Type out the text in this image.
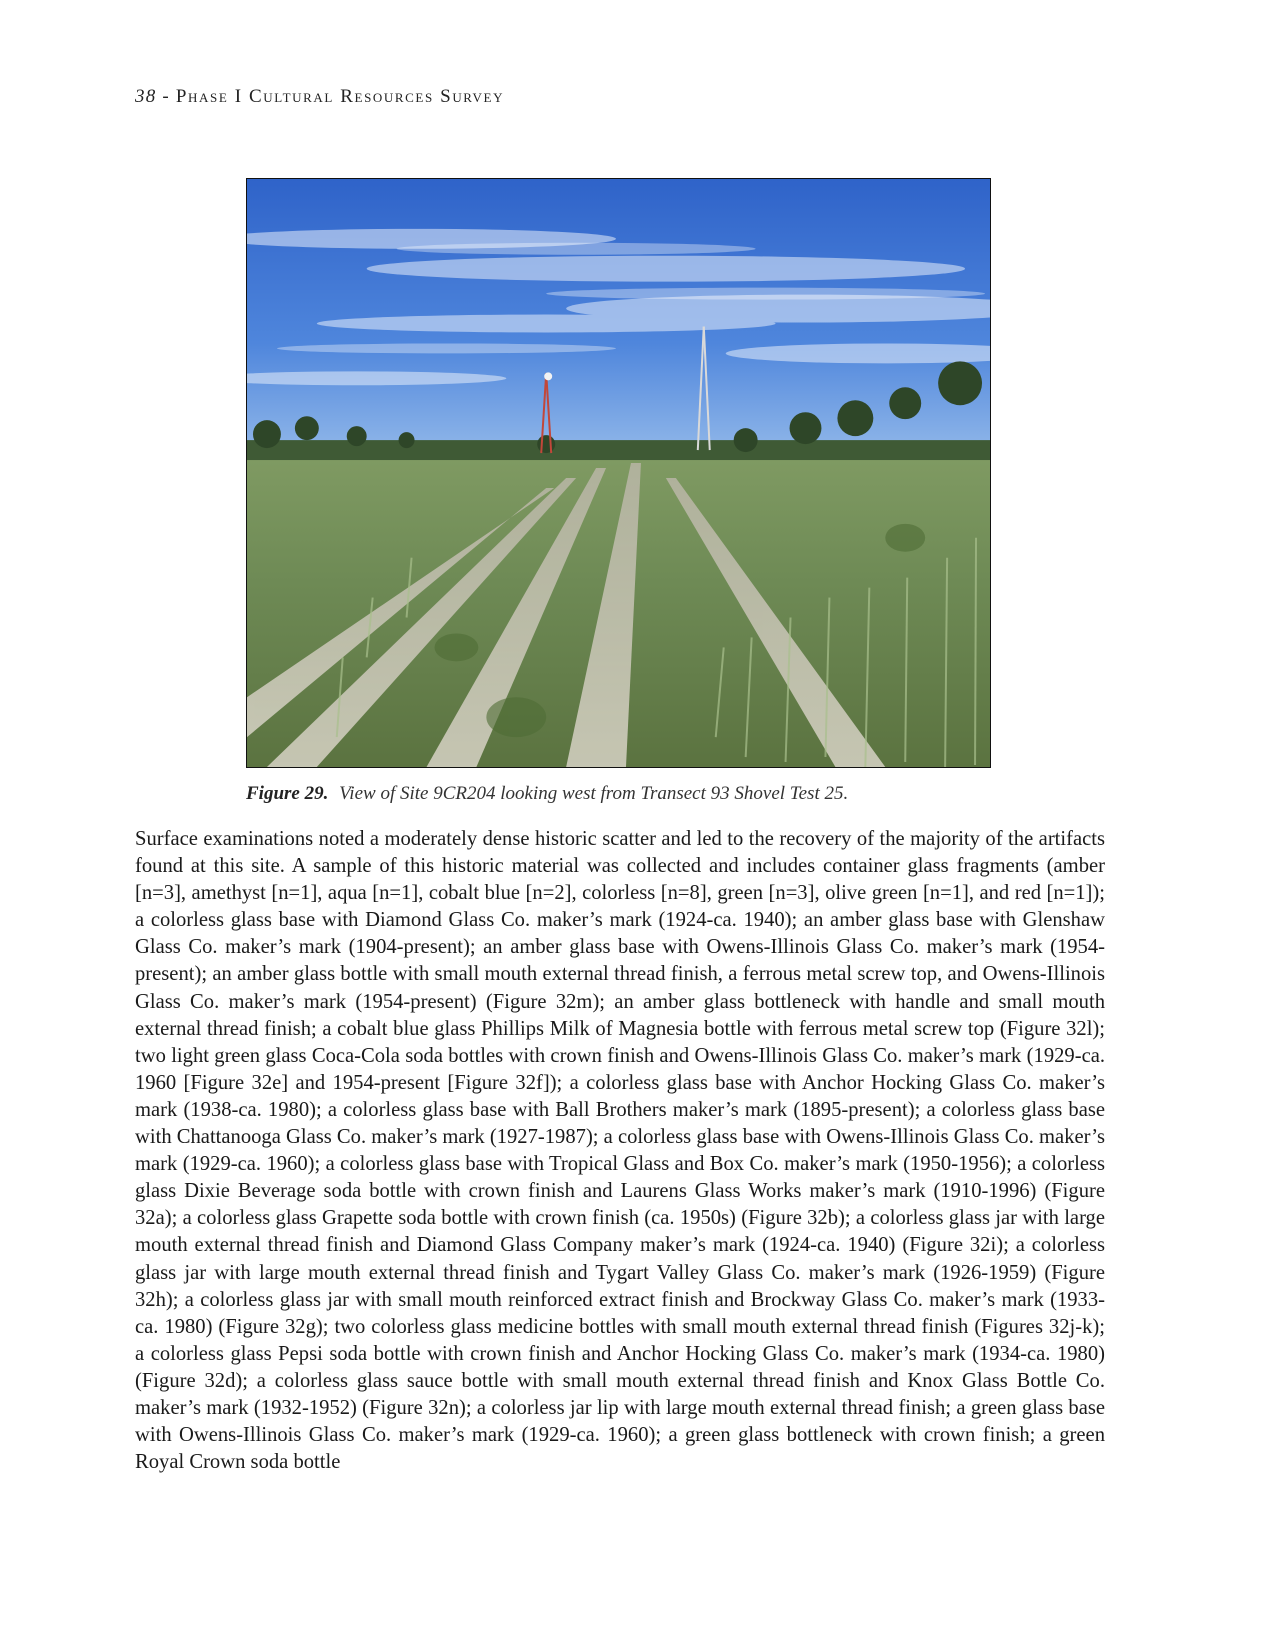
38 - Phase I Cultural Resources Survey
Figure 29. View of Site 9CR204 looking west from Transect 93 Shovel Test 25.

Surface examinations noted a moderately dense historic scatter and led to the recovery of the majority of the artifacts found at this site. A sample of this historic material was collected and includes container glass fragments (amber [n=3], amethyst [n=1], aqua [n=1], cobalt blue [n=2], colorless [n=8], green [n=3], olive green [n=1], and red [n=1]); a colorless glass base with Diamond Glass Co. maker’s mark (1924-ca. 1940); an amber glass base with Glenshaw Glass Co. maker’s mark (1904-present); an amber glass base with Owens-Illinois Glass Co. maker’s mark (1954-present); an amber glass bottle with small mouth external thread finish, a ferrous metal screw top, and Owens-Illinois Glass Co. maker’s mark (1954-present) (Figure 32m); an amber glass bottleneck with handle and small mouth external thread finish; a cobalt blue glass Phillips Milk of Magnesia bottle with ferrous metal screw top (Figure 32l); two light green glass Coca-Cola soda bottles with crown finish and Owens-Illinois Glass Co. maker’s mark (1929-ca. 1960 [Figure 32e] and 1954-present [Figure 32f]); a colorless glass base with Anchor Hocking Glass Co. maker’s mark (1938-ca. 1980); a colorless glass base with Ball Brothers maker’s mark (1895-present); a colorless glass base with Chattanooga Glass Co. maker’s mark (1927-1987); a colorless glass base with Owens-Illinois Glass Co. maker’s mark (1929-ca. 1960); a colorless glass base with Tropical Glass and Box Co. maker’s mark (1950-1956); a colorless glass Dixie Beverage soda bottle with crown finish and Laurens Glass Works maker’s mark (1910-1996) (Figure 32a); a colorless glass Grapette soda bottle with crown finish (ca. 1950s) (Figure 32b); a colorless glass jar with large mouth external thread finish and Diamond Glass Company maker’s mark (1924-ca. 1940) (Figure 32i); a colorless glass jar with large mouth external thread finish and Tygart Valley Glass Co. maker’s mark (1926-1959) (Figure 32h); a colorless glass jar with small mouth reinforced extract finish and Brockway Glass Co. maker’s mark (1933-ca. 1980) (Figure 32g); two colorless glass medicine bottles with small mouth external thread finish (Figures 32j-k); a colorless glass Pepsi soda bottle with crown finish and Anchor Hocking Glass Co. maker’s mark (1934-ca. 1980) (Figure 32d); a colorless glass sauce bottle with small mouth external thread finish and Knox Glass Bottle Co. maker’s mark (1932-1952) (Figure 32n); a colorless jar lip with large mouth external thread finish; a green glass base with Owens-Illinois Glass Co. maker’s mark (1929-ca. 1960); a green glass bottleneck with crown finish; a green Royal Crown soda bottle
